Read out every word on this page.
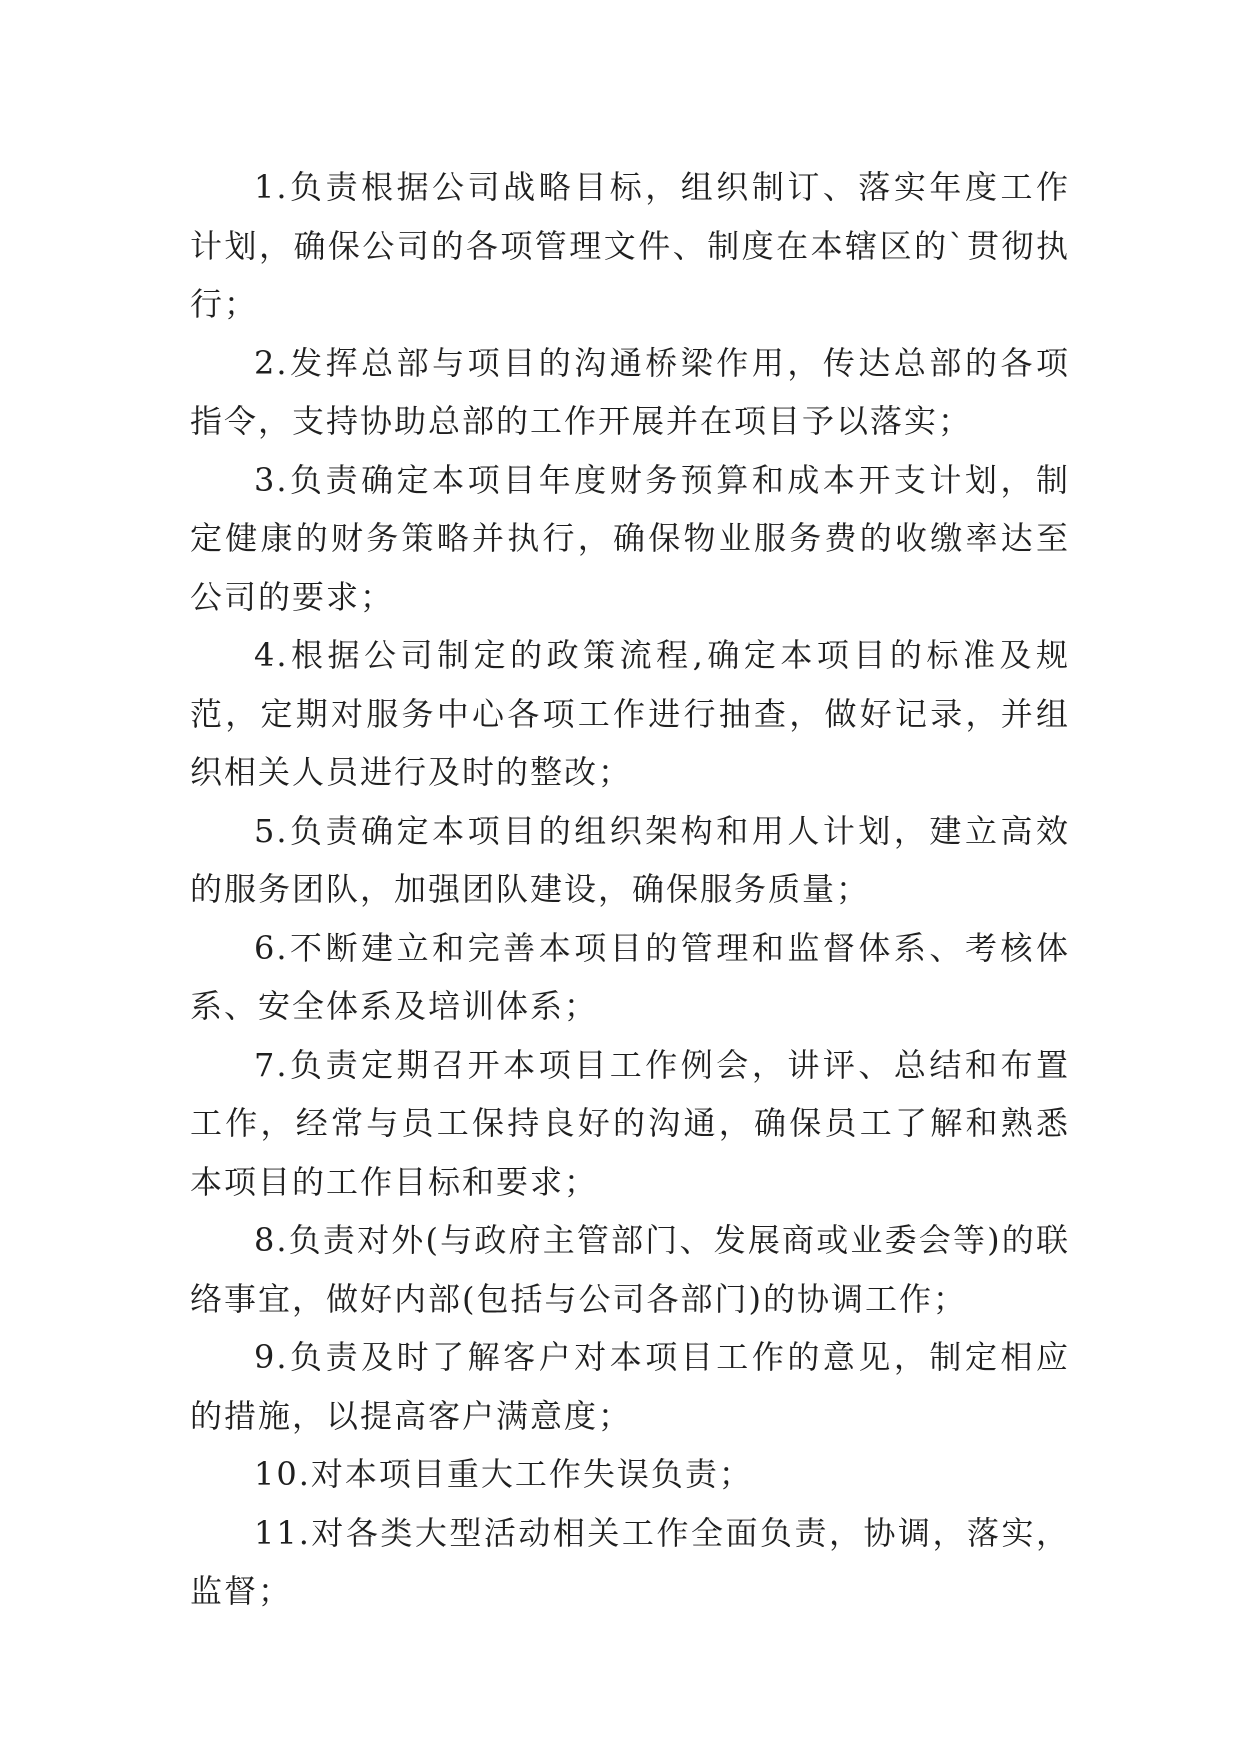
1.负责根据公司战略目标，组织制订、落实年度工作计划，确保公司的各项管理文件、制度在本辖区的`贯彻执行；

2.发挥总部与项目的沟通桥梁作用，传达总部的各项指令，支持协助总部的工作开展并在项目予以落实；

3.负责确定本项目年度财务预算和成本开支计划，制定健康的财务策略并执行，确保物业服务费的收缴率达至公司的要求；

4.根据公司制定的政策流程,确定本项目的标准及规范，定期对服务中心各项工作进行抽查，做好记录，并组织相关人员进行及时的整改；

5.负责确定本项目的组织架构和用人计划，建立高效的服务团队，加强团队建设，确保服务质量；

6.不断建立和完善本项目的管理和监督体系、考核体系、安全体系及培训体系；

7.负责定期召开本项目工作例会，讲评、总结和布置工作，经常与员工保持良好的沟通，确保员工了解和熟悉本项目的工作目标和要求；

8.负责对外(与政府主管部门、发展商或业委会等)的联络事宜，做好内部(包括与公司各部门)的协调工作；

9.负责及时了解客户对本项目工作的意见，制定相应的措施，以提高客户满意度；

10.对本项目重大工作失误负责；

11.对各类大型活动相关工作全面负责，协调，落实，监督；
